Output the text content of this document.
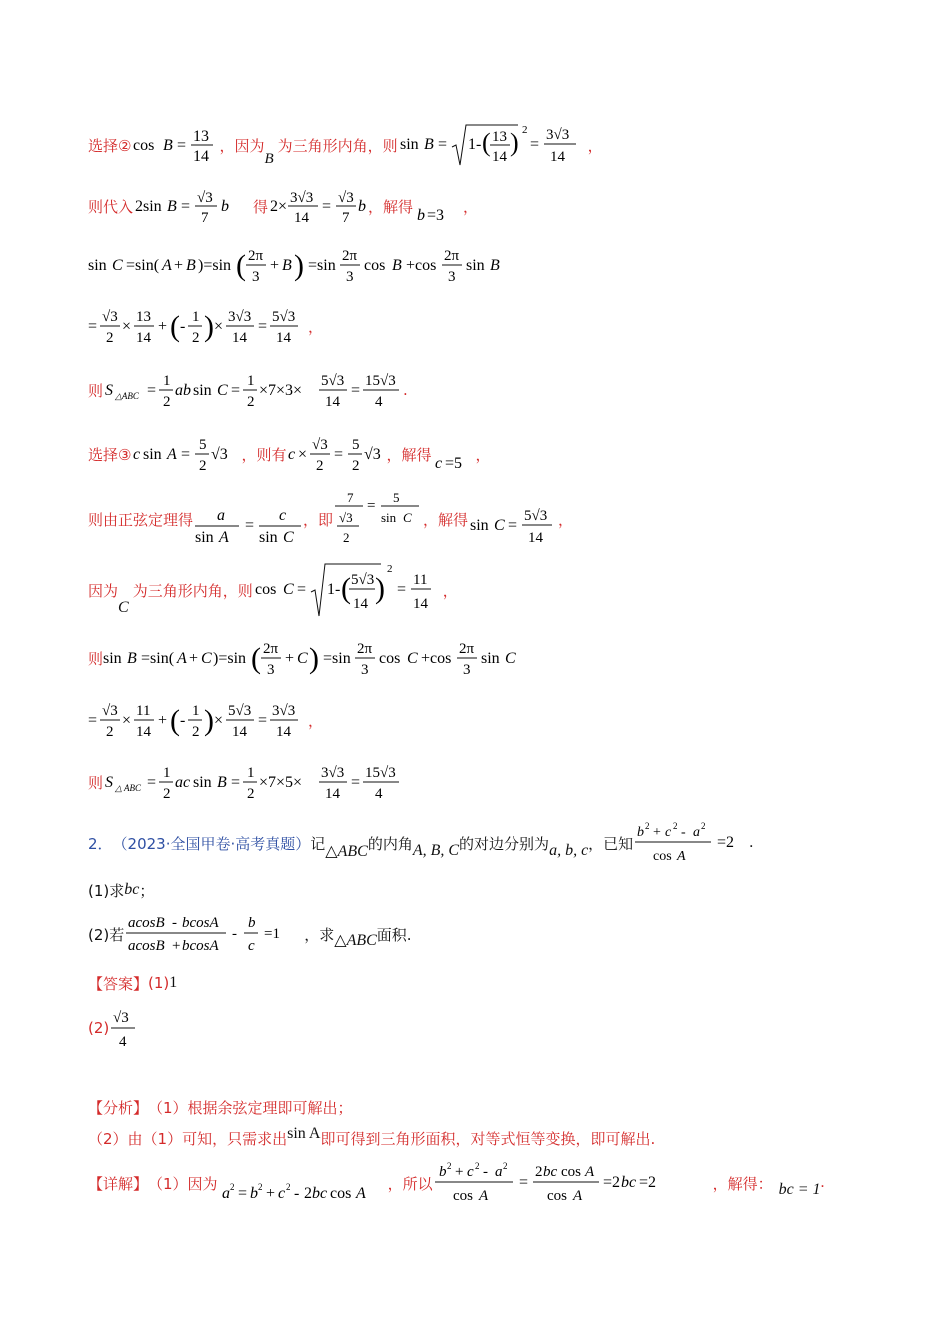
选择② cos B =
13
14
，因为
B
为三角形内角，则 sin B = 1- ( 13
14 ) 2
=
3√3
14
，
则代入 2sin B = √3
7
b 得 2× 3√3
14
= √3
7
b ，解得 b =3 ，
sin C =sin( A + B )=sin ( 2π
3
+ B ) =sin
2π
3
cos B +cos
2π
3
sin B
=
√3
2
×
13
14
+ ( -
1
2 ) ×
3√3
14
=
5√3
14
，
则 S △ABC =
1
2
ab sin C =
1
2
×7×3×
5√3
14
=
15√3
4
.
选择③ c sin A =
5
2
√3 ，则有 c ×
√3
2
=
5
2
√3 ，解得 c =5 ，
则由正弦定理得 a
sin A
=
c
sin C
，即
7
√3
2
=
5
sin C ，解得 sin C =
5√3
14
，
因为
C
为三角形内角，则 cos C = 1- ( 5√3
14 )
2
=
11
14
，
则 sin B =sin( A + C )=sin ( 2π
3
+ C ) =sin
2π
3
cos C +cos
2π
3
sin C
=
√3
2
×
11
14
+ ( -
1
2 ) ×
5√3
14
=
3√3
14
，
则 S △ ABC =
1
2
ac sin B =
1
2
×7×5×
3√3
14
=
15√3
4
2． （2023·全国甲卷·高考真题） 记 △ABC 的内角 A, B, C 的对边分别为 a, b, c ，已知
b 2 + c 2 - a 2
cos A
=2 .
(1)求 bc ；
(2)若
acosB - bcosA
acosB + bcosA
-
b
c
=1 ，求 △ABC 面积.
【答案】 (1) 1
(2)
√3
4
【分析】 （1）根据余弦定理即可解出；
（2）由（1）可知，只需求出 sin A 即可得到三角形面积，对等式恒等变换，即可解出.
【详解】 （1）因为
a 2 = b 2 + c 2 - 2 bc cos A
，所以
b 2 + c 2 - a 2
cos A
=
2 bc cos A
cos A
=2 bc =2	，解得： bc = 1 .
